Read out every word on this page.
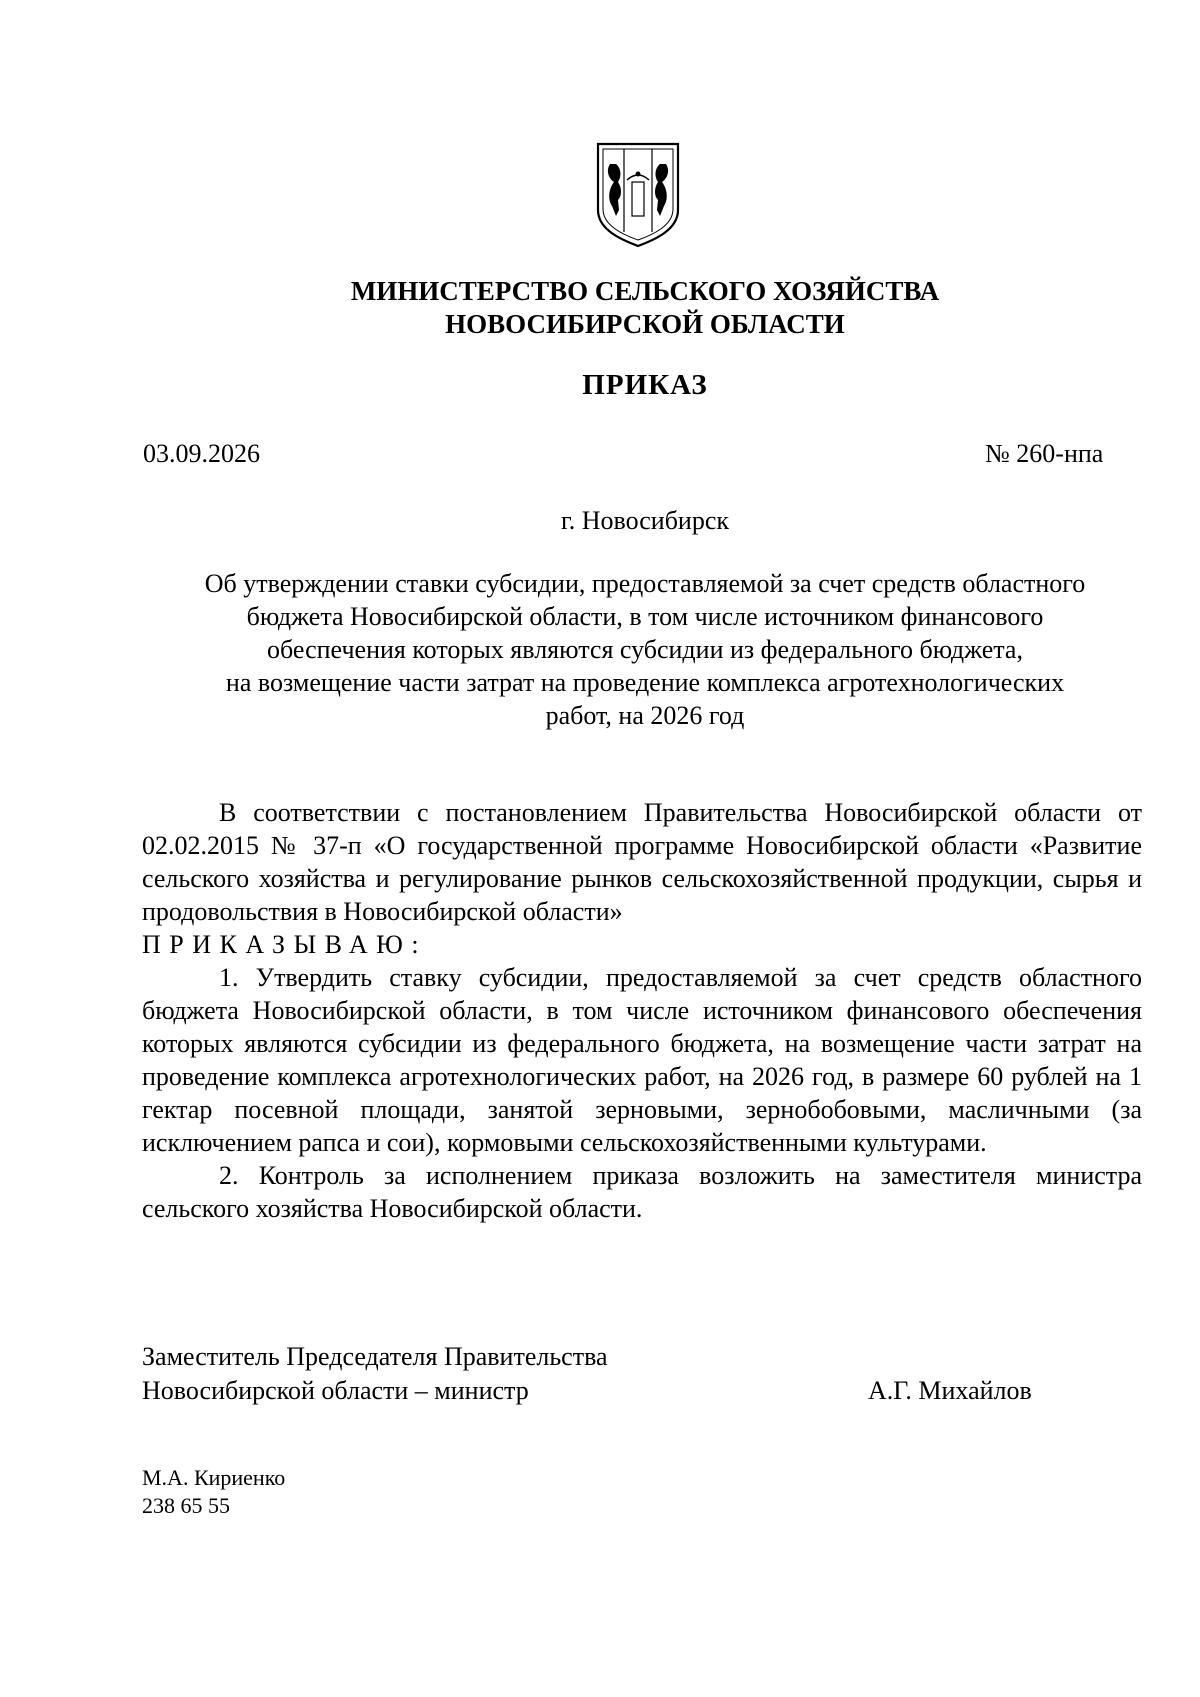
МИНИСТЕРСТВО СЕЛЬСКОГО ХОЗЯЙСТВА
НОВОСИБИРСКОЙ ОБЛАСТИ
ПРИКАЗ
03.09.2026	№ 260-нпа
г. Новосибирск
Об утверждении ставки субсидии, предоставляемой за счет средств областного
бюджета Новосибирской области, в том числе источником финансового
обеспечения которых являются субсидии из федерального бюджета,
на возмещение части затрат на проведение комплекса агротехнологических
работ, на 2026 год

В соответствии с постановлением Правительства Новосибирской области от 02.02.2015 № 37-п «О государственной программе Новосибирской области «Развитие сельского хозяйства и регулирование рынков сельскохозяйственной продукции, сырья и продовольствия в Новосибирской области»

ПРИКАЗЫВАЮ:

1. Утвердить ставку субсидии, предоставляемой за счет средств областного бюджета Новосибирской области, в том числе источником финансового обеспечения которых являются субсидии из федерального бюджета, на возмещение части затрат на проведение комплекса агротехнологических работ, на 2026 год, в размере 60 рублей на 1 гектар посевной площади, занятой зерновыми, зернобобовыми, масличными (за исключением рапса и сои), кормовыми сельскохозяйственными культурами.

2. Контроль за исполнением приказа возложить на заместителя министра сельского хозяйства Новосибирской области.

Заместитель Председателя Правительства
Новосибирской области – министр	А.Г. Михайлов
М.А. Кириенко
238 65 55
